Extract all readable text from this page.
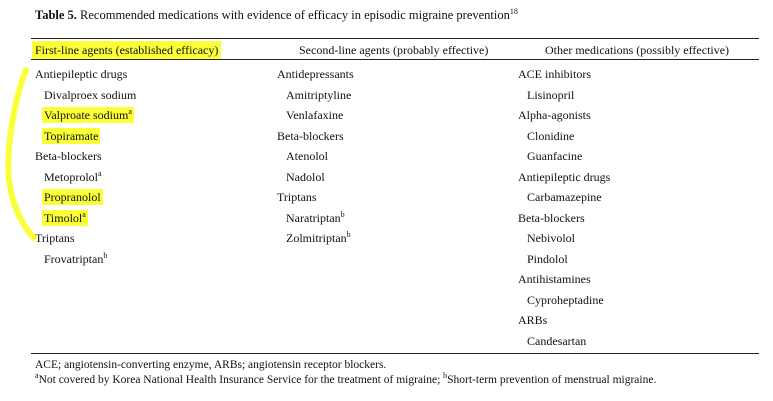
Table 5. Recommended medications with evidence of efficacy in episodic migraine prevention$^{18}$
First-line agents (established efficacy)	Second-line agents (probably effective)	Other medications (possibly effective)
Antiepileptic drugs
Divalproex sodium
Valproate sodium$^a$
Topiramate
Beta-blockers
Metoprolol$^a$
Propranolol
Timolol$^a$
Triptans
Frovatriptan$^b$
Antidepressants
Amitriptyline
Venlafaxine
Beta-blockers
Atenolol
Nadolol
Triptans
Naratriptan$^b$
Zolmitriptan$^b$
ACE inhibitors
Lisinopril
Alpha-agonists
Clonidine
Guanfacine
Antiepileptic drugs
Carbamazepine
Beta-blockers
Nebivolol
Pindolol
Antihistamines
Cyproheptadine
ARBs
Candesartan
ACE; angiotensin-converting enzyme, ARBs; angiotensin receptor blockers.
$^a$Not covered by Korea National Health Insurance Service for the treatment of migraine; $^b$Short-term prevention of menstrual migraine.
